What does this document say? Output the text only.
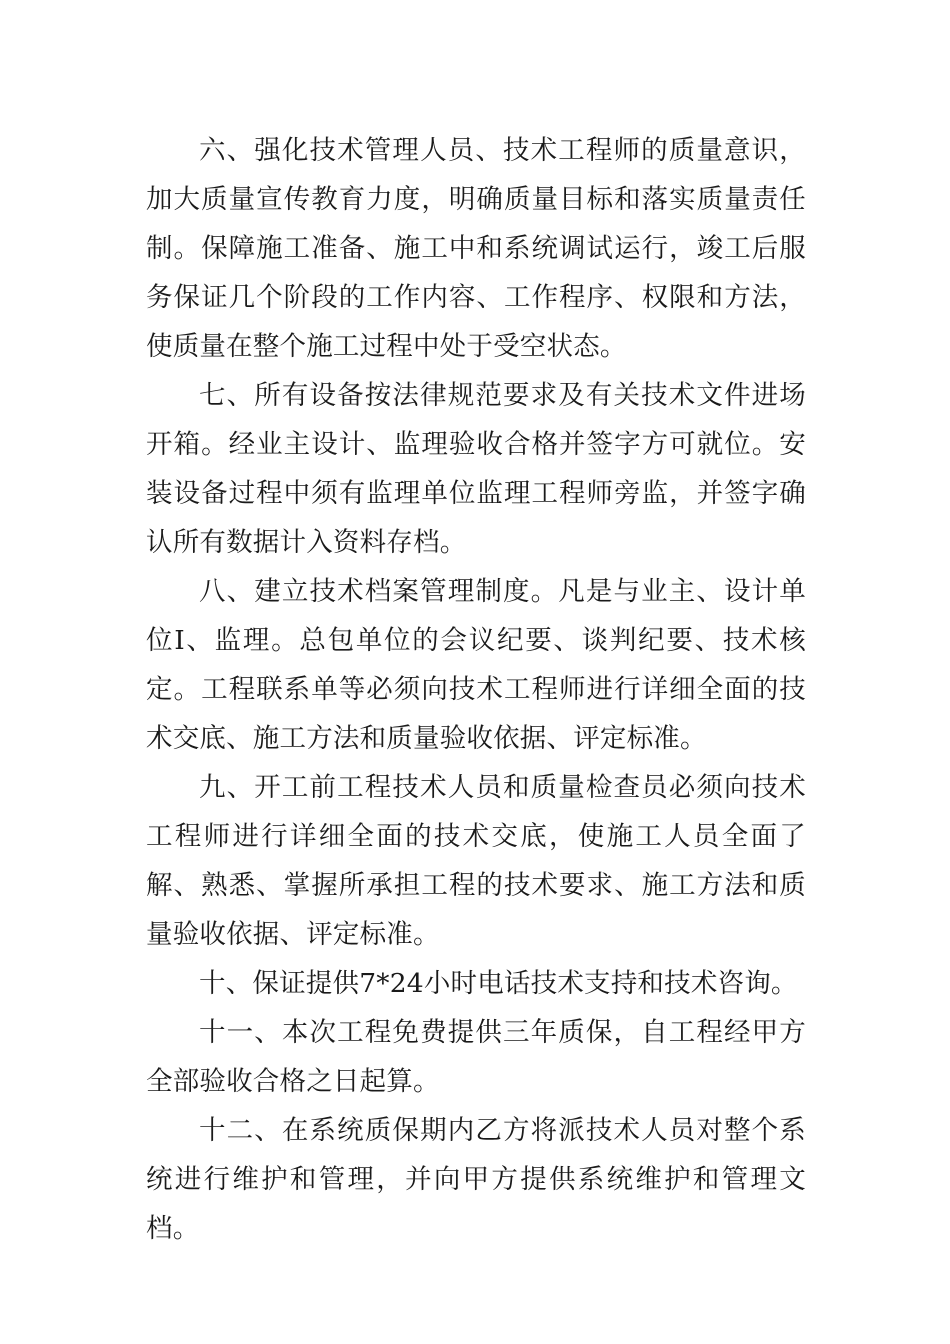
六、强化技术管理人员、技术工程师的质量意识，加大质量宣传教育力度，明确质量目标和落实质量责任制。保障施工准备、施工中和系统调试运行，竣工后服务保证几个阶段的工作内容、工作程序、权限和方法，使质量在整个施工过程中处于受空状态。

七、所有设备按法律规范要求及有关技术文件进场开箱。经业主设计、监理验收合格并签字方可就位。安装设备过程中须有监理单位监理工程师旁监，并签字确认所有数据计入资料存档。

八、建立技术档案管理制度。凡是与业主、设计单位I、监理。总包单位的会议纪要、谈判纪要、技术核定。工程联系单等必须向技术工程师进行详细全面的技术交底、施工方法和质量验收依据、评定标准。

九、开工前工程技术人员和质量检查员必须向技术工程师进行详细全面的技术交底，使施工人员全面了解、熟悉、掌握所承担工程的技术要求、施工方法和质量验收依据、评定标准。

十、保证提供7*24小时电话技术支持和技术咨询。

十一、本次工程免费提供三年质保，自工程经甲方全部验收合格之日起算。

十二、在系统质保期内乙方将派技术人员对整个系统进行维护和管理，并向甲方提供系统维护和管理文档。
